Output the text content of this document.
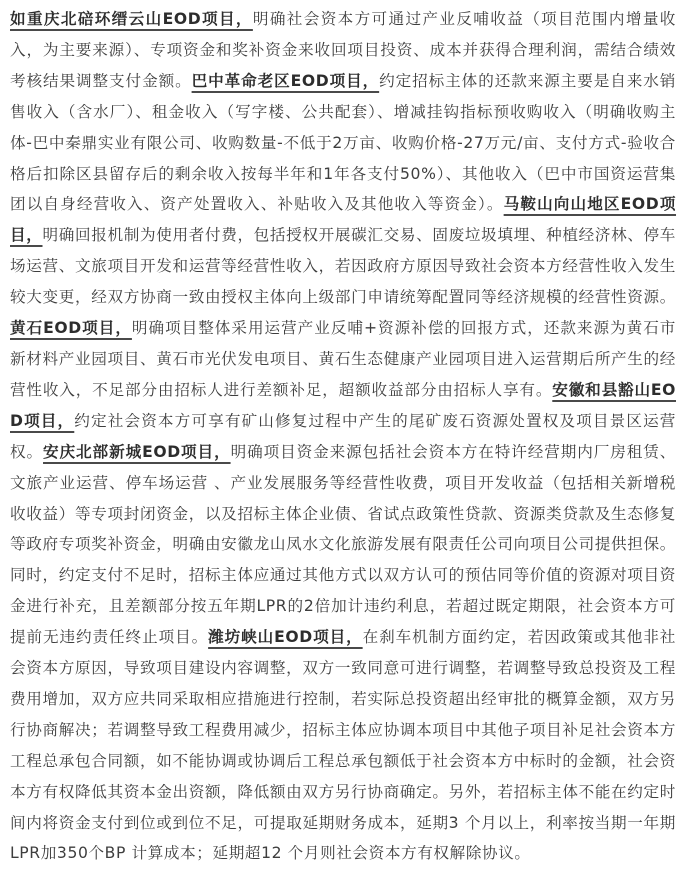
如重庆北碚环缙云山EOD项目，明确社会资本方可通过产业反哺收益（项目范围内增量收入，为主要来源）、专项资金和奖补资金来收回项目投资、成本并获得合理利润，需结合绩效考核结果调整支付金额。巴中革命老区EOD项目，约定招标主体的还款来源主要是自来水销售收入（含水厂）、租金收入（写字楼、公共配套）、增减挂钩指标预收购收入（明确收购主体-巴中秦鼎实业有限公司、收购数量-不低于2万亩、收购价格-27万元/亩、支付方式-验收合格后扣除区县留存后的剩余收入按每半年和1年各支付50%）、其他收入（巴中市国资运营集团以自身经营收入、资产处置收入、补贴收入及其他收入等资金）。马鞍山向山地区EOD项目，明确回报机制为使用者付费，包括授权开展碳汇交易、固废垃圾填埋、种植经济林、停车场运营、文旅项目开发和运营等经营性收入，若因政府方原因导致社会资本方经营性收入发生较大变更，经双方协商一致由授权主体向上级部门申请统筹配置同等经济规模的经营性资源。黄石EOD项目，明确项目整体采用运营产业反哺+资源补偿的回报方式，还款来源为黄石市新材料产业园项目、黄石市光伏发电项目、黄石生态健康产业园项目进入运营期后所产生的经营性收入，不足部分由招标人进行差额补足，超额收益部分由招标人享有。安徽和县豁山EOD项目，约定社会资本方可享有矿山修复过程中产生的尾矿废石资源处置权及项目景区运营权。安庆北部新城EOD项目，明确项目资金来源包括社会资本方在特许经营期内厂房租赁、文旅产业运营、停车场运营 、产业发展服务等经营性收费，项目开发收益（包括相关新增税收收益）等专项封闭资金，以及招标主体企业债、省试点政策性贷款、资源类贷款及生态修复等政府专项奖补资金，明确由安徽龙山凤水文化旅游发展有限责任公司向项目公司提供担保。同时，约定支付不足时，招标主体应通过其他方式以双方认可的预估同等价值的资源对项目资金进行补充，且差额部分按五年期LPR的2倍加计违约利息，若超过既定期限，社会资本方可提前无违约责任终止项目。潍坊峡山EOD项目，在刹车机制方面约定，若因政策或其他非社会资本方原因，导致项目建设内容调整，双方一致同意可进行调整，若调整导致总投资及工程费用增加，双方应共同采取相应措施进行控制，若实际总投资超出经审批的概算金额，双方另行协商解决；若调整导致工程费用减少，招标主体应协调本项目中其他子项目补足社会资本方工程总承包合同额，如不能协调或协调后工程总承包额低于社会资本方中标时的金额，社会资本方有权降低其资本金出资额，降低额由双方另行协商确定。另外，若招标主体不能在约定时间内将资金支付到位或到位不足，可提取延期财务成本，延期3 个月以上，利率按当期一年期LPR加350个BP 计算成本；延期超12 个月则社会资本方有权解除协议。
